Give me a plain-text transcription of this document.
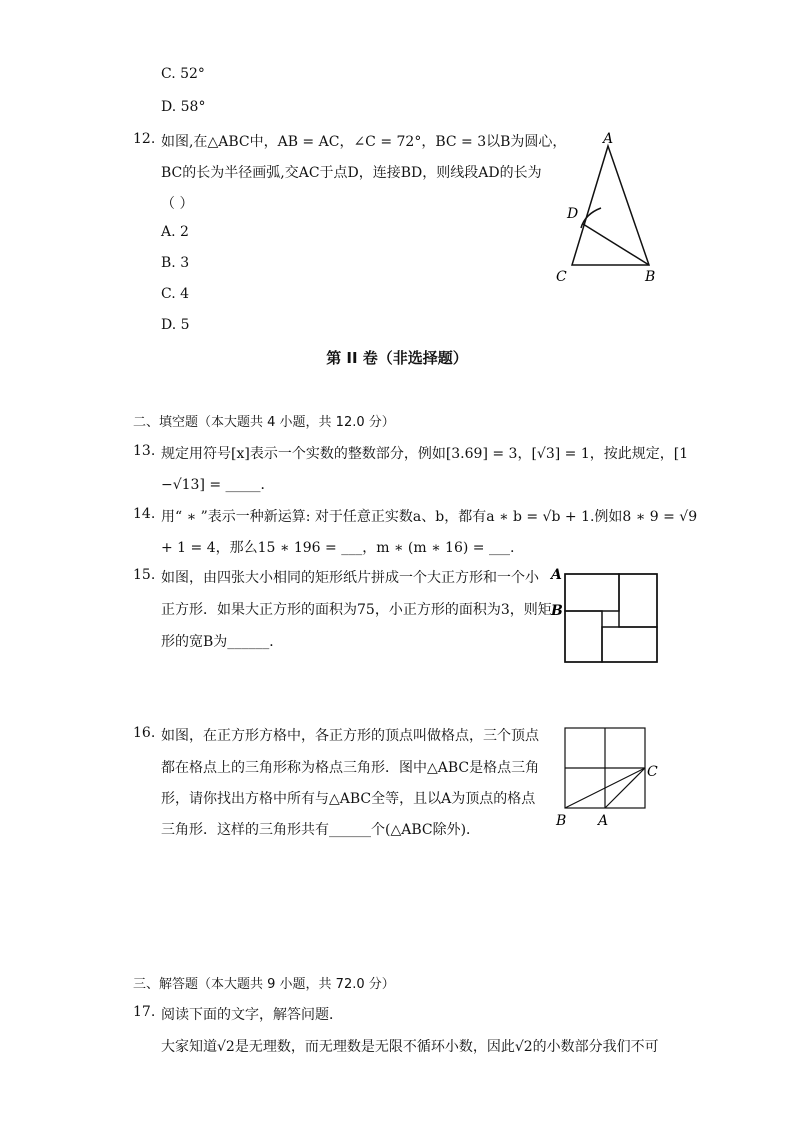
C. 52°
D. 58°
12. 如图,在△ABC中，AB = AC，∠C = 72°，BC = 3以B为圆心，
BC的长为半径画弧,交AC于点D，连接BD，则线段AD的长为
（ ）
A. 2
B. 3
C. 4
D. 5
A
D
C	B
第 II 卷（非选择题）
二、填空题（本大题共 4 小题，共 12.0 分）
13. 规定用符号[x]表示一个实数的整数部分，例如[3.69] = 3，[√3] = 1，按此规定，[1
−√13] = _____．
14. 用“ ∗ ”表示一种新运算: 对于任意正实数a、b，都有a ∗ b = √b + 1.例如8 ∗ 9 = √9
+ 1 = 4，那么15 ∗ 196 = ___，m ∗ (m ∗ 16) = ___.
15. 如图，由四张大小相同的矩形纸片拼成一个大正方形和一个小
正方形．如果大正方形的面积为75，小正方形的面积为3，则矩
形的宽B为______．
A
B
16. 如图，在正方形方格中，各正方形的顶点叫做格点，三个顶点
都在格点上的三角形称为格点三角形．图中△ABC是格点三角
形，请你找出方格中所有与△ABC全等，且以A为顶点的格点
三角形．这样的三角形共有______个(△ABC除外)．
C
B A
三、解答题（本大题共 9 小题，共 72.0 分）
17. 阅读下面的文字，解答问题．
大家知道√2是无理数，而无理数是无限不循环小数，因此√2的小数部分我们不可
